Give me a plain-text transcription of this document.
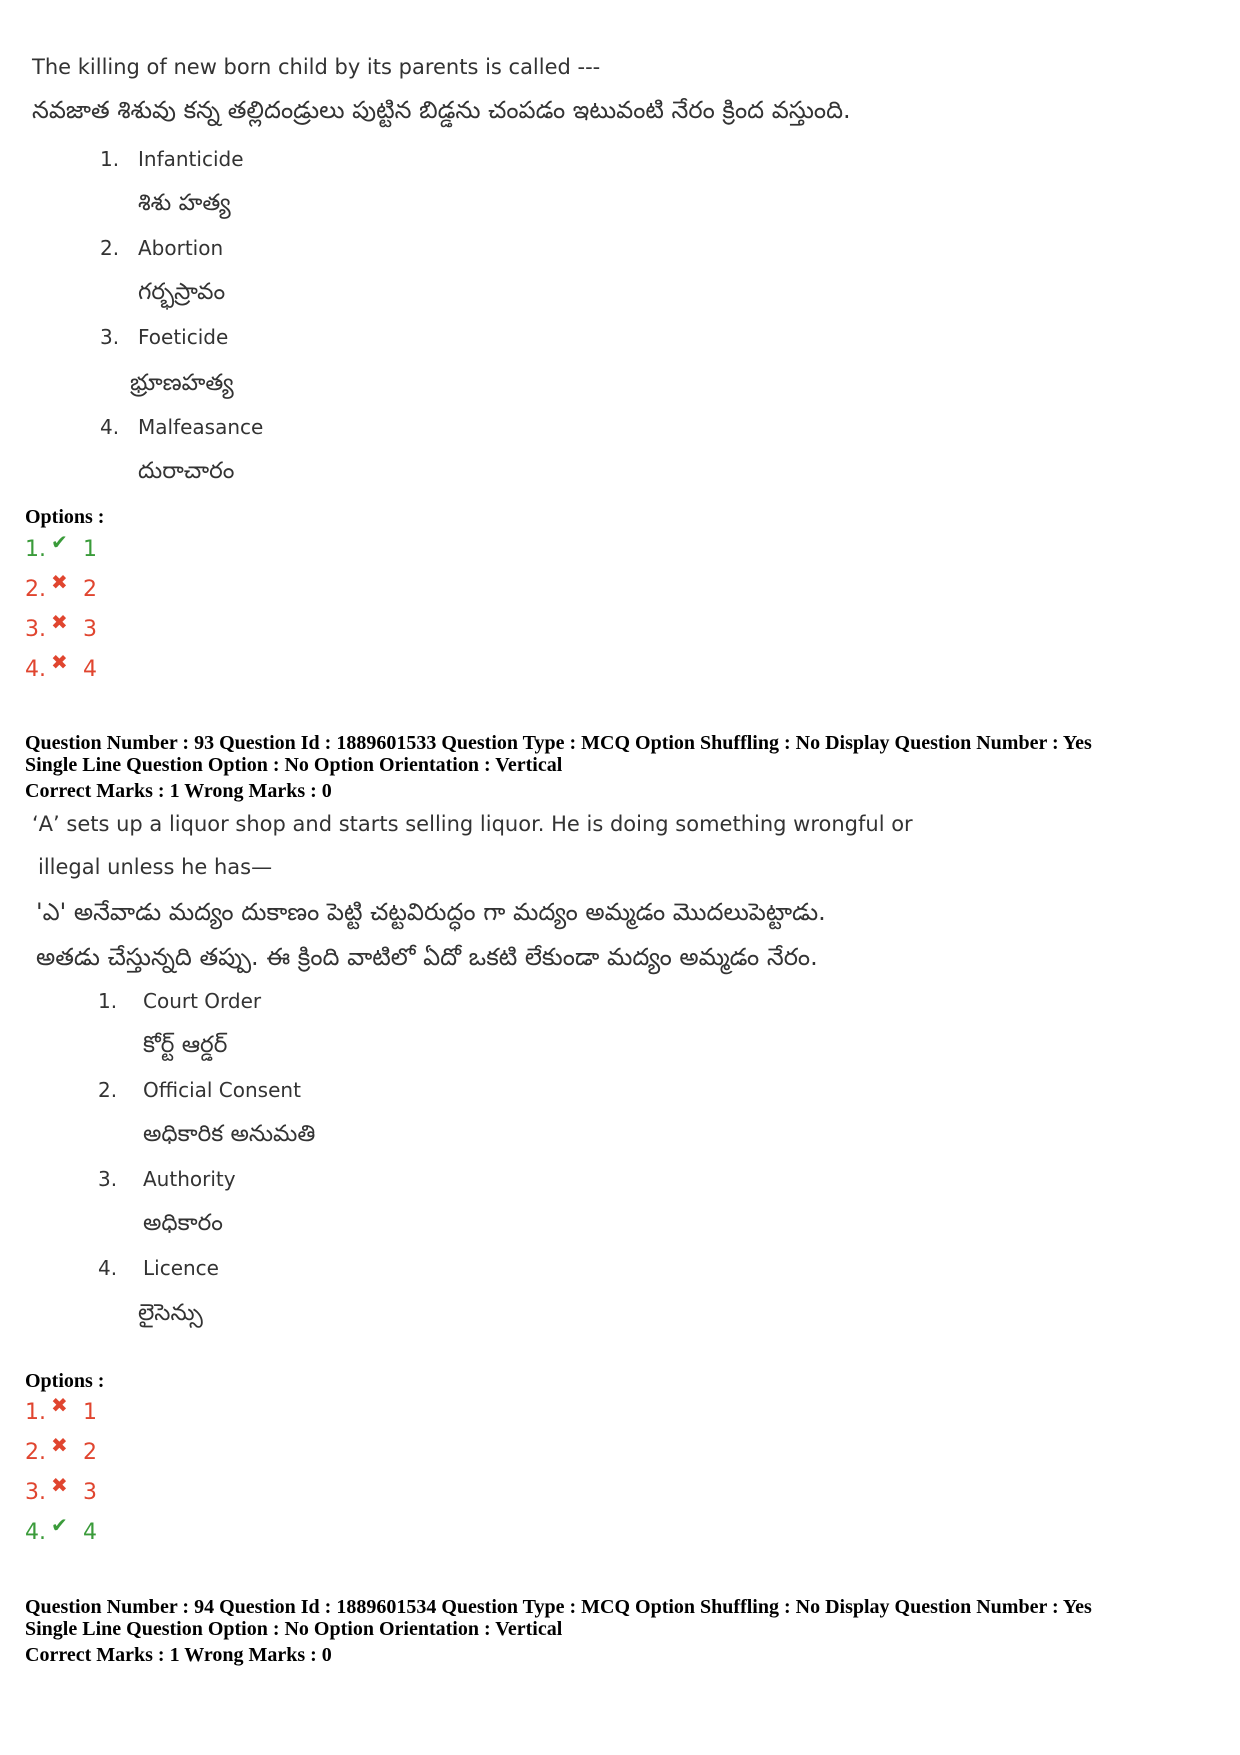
The killing of new born child by its parents is called ---
నవజాత శిశువు కన్న తల్లిదండ్రులు పుట్టిన బిడ్డను చంపడం ఇటువంటి నేరం క్రింద వస్తుంది.
1. Infanticide
శిశు హత్య
2. Abortion
గర్భస్రావం
3. Foeticide
భ్రూణహత్య
4. Malfeasance
దురాచారం
Options :
1. ✔ 1
2. ✖ 2
3. ✖ 3
4. ✖ 4
Question Number : 93 Question Id : 1889601533 Question Type : MCQ Option Shuffling : No Display Question Number : Yes
Single Line Question Option : No Option Orientation : Vertical
Correct Marks : 1 Wrong Marks : 0
‘A’ sets up a liquor shop and starts selling liquor. He is doing something wrongful or
illegal unless he has—
'ఎ' అనేవాడు మద్యం దుకాణం పెట్టి చట్టవిరుద్ధం గా మద్యం అమ్మడం మొదలుపెట్టాడు.
అతడు చేస్తున్నది తప్పు. ఈ క్రింది వాటిలో ఏదో ఒకటి లేకుండా మద్యం అమ్మడం నేరం.
1. Court Order
కోర్ట్ ఆర్డర్
2. Official Consent
అధికారిక అనుమతి
3. Authority
అధికారం
4. Licence
లైసెన్సు
Options :
1. ✖ 1
2. ✖ 2
3. ✖ 3
4. ✔ 4
Question Number : 94 Question Id : 1889601534 Question Type : MCQ Option Shuffling : No Display Question Number : Yes
Single Line Question Option : No Option Orientation : Vertical
Correct Marks : 1 Wrong Marks : 0
